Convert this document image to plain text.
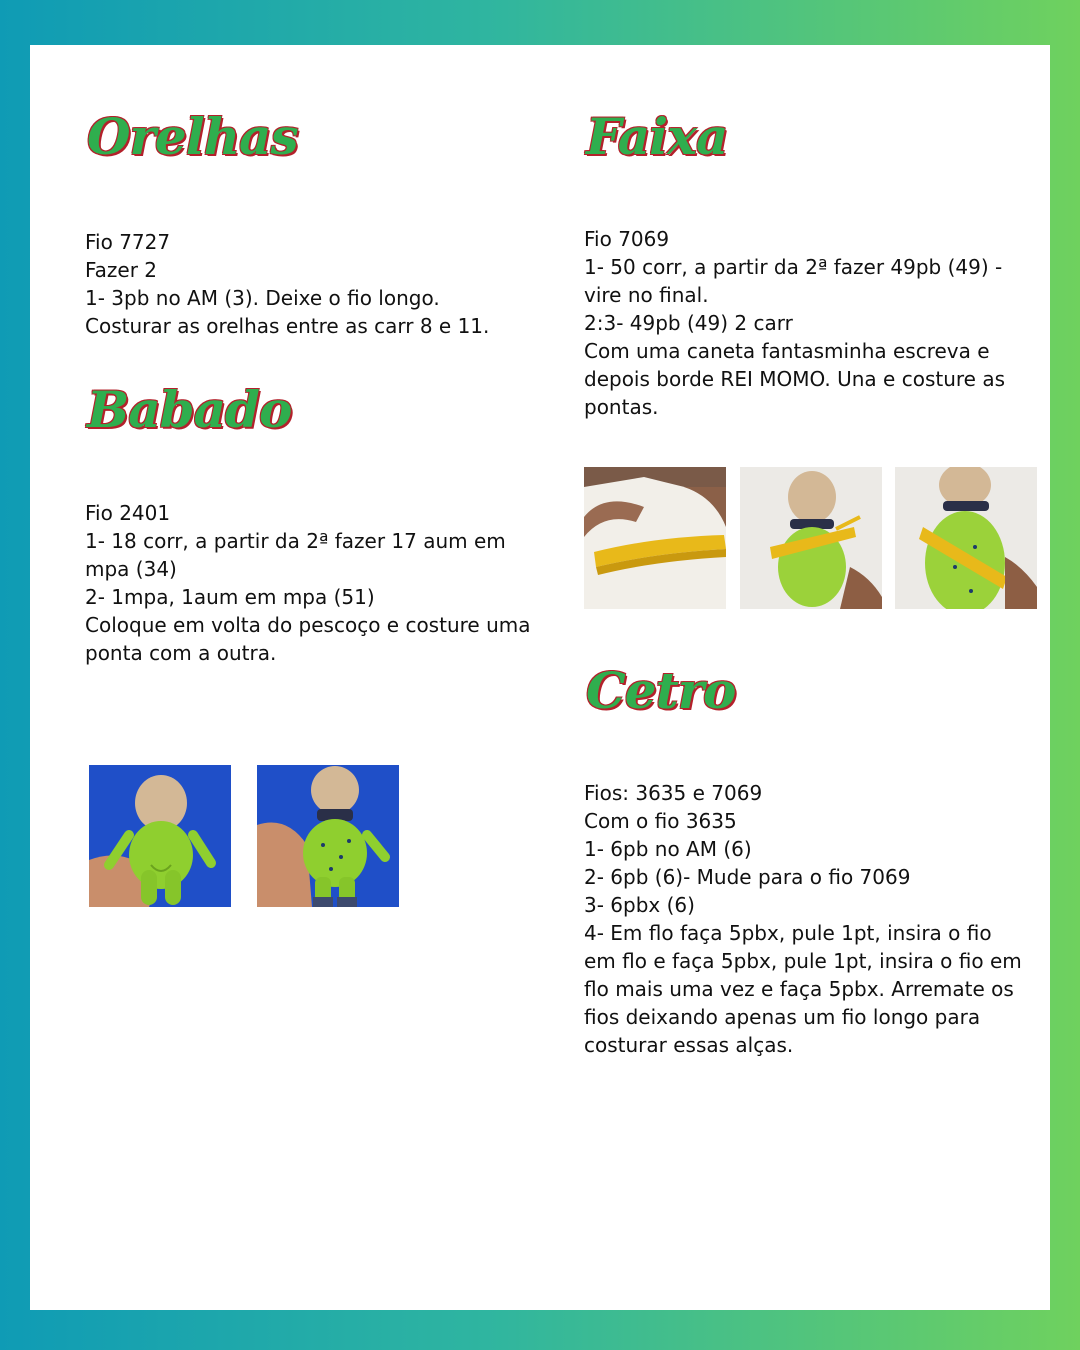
Orelhas
Fio 7727
Fazer 2
1- 3pb no AM (3). Deixe o fio longo.
Costurar as orelhas entre as carr 8 e 11.
Babado
Fio 2401
1- 18 corr, a partir da 2ª fazer 17 aum em mpa (34)
2- 1mpa, 1aum em mpa (51)
Coloque em volta do pescoço e costure uma ponta com a outra.
Faixa
Fio 7069
1- 50 corr, a partir da 2ª fazer 49pb (49) - vire no final.
2:3- 49pb (49) 2 carr
Com uma caneta fantasminha escreva e depois borde REI MOMO. Una e costure as pontas.
Cetro
Fios: 3635 e 7069
Com o fio 3635
1- 6pb no AM (6)
2- 6pb (6)- Mude para o fio 7069
3- 6pbx (6)
4- Em flo faça 5pbx, pule 1pt, insira o fio em flo e faça 5pbx, pule 1pt, insira o fio em flo mais uma vez e faça 5pbx. Arremate os fios deixando apenas um fio longo para costurar essas alças.
